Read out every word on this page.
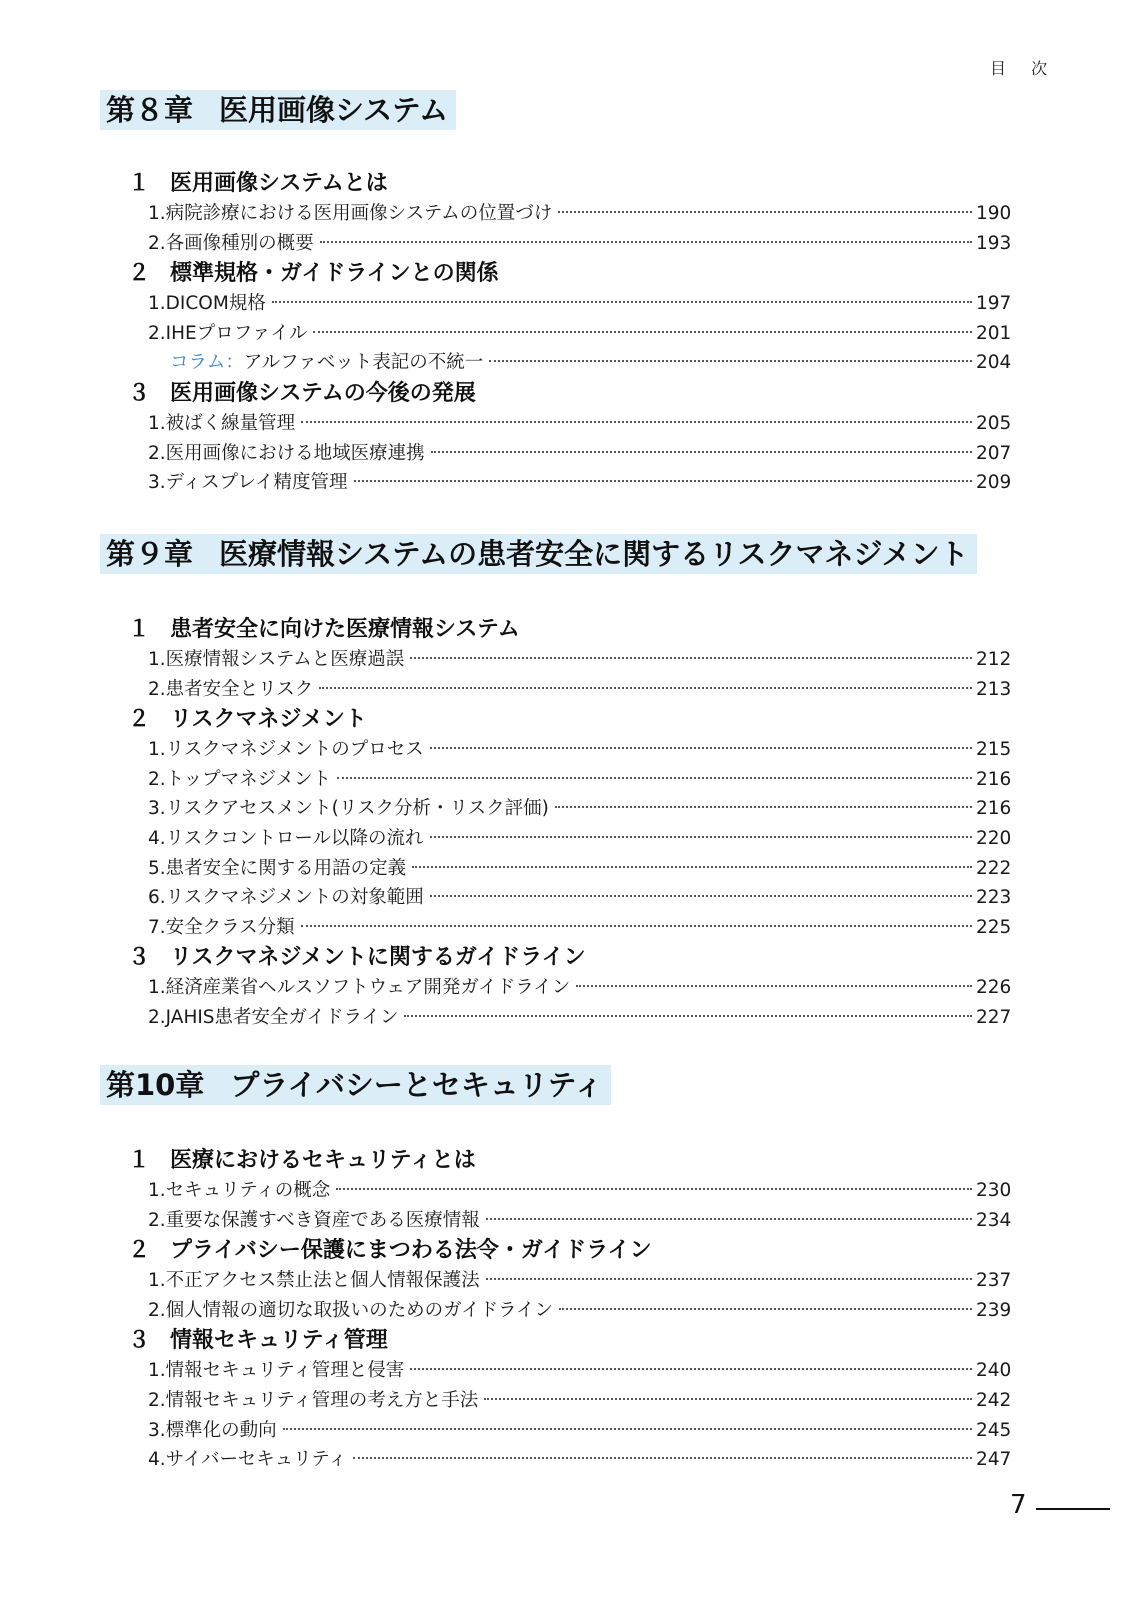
目 次
第８章 医用画像システム
１ 医用画像システムとは
1. 病院診療における医用画像システムの位置づけ	190
2. 各画像種別の概要	193
２ 標準規格・ガイドラインとの関係
1. DICOM規格	197
2. IHEプロファイル	201
コラム：アルファベット表記の不統一	204
３ 医用画像システムの今後の発展
1. 被ばく線量管理	205
2. 医用画像における地域医療連携	207
3. ディスプレイ精度管理	209
第９章 医療情報システムの患者安全に関するリスクマネジメント
１ 患者安全に向けた医療情報システム
1. 医療情報システムと医療過誤	212
2. 患者安全とリスク	213
２ リスクマネジメント
1. リスクマネジメントのプロセス	215
2. トップマネジメント	216
3. リスクアセスメント(リスク分析・リスク評価)	216
4. リスクコントロール以降の流れ	220
5. 患者安全に関する用語の定義	222
6. リスクマネジメントの対象範囲	223
7. 安全クラス分類	225
３ リスクマネジメントに関するガイドライン
1. 経済産業省ヘルスソフトウェア開発ガイドライン	226
2. JAHIS患者安全ガイドライン	227
第10章 プライバシーとセキュリティ
１ 医療におけるセキュリティとは
1. セキュリティの概念	230
2. 重要な保護すべき資産である医療情報	234
２ プライバシー保護にまつわる法令・ガイドライン
1. 不正アクセス禁止法と個人情報保護法	237
2. 個人情報の適切な取扱いのためのガイドライン	239
３ 情報セキュリティ管理
1. 情報セキュリティ管理と侵害	240
2. 情報セキュリティ管理の考え方と手法	242
3. 標準化の動向	245
4. サイバーセキュリティ	247
7
